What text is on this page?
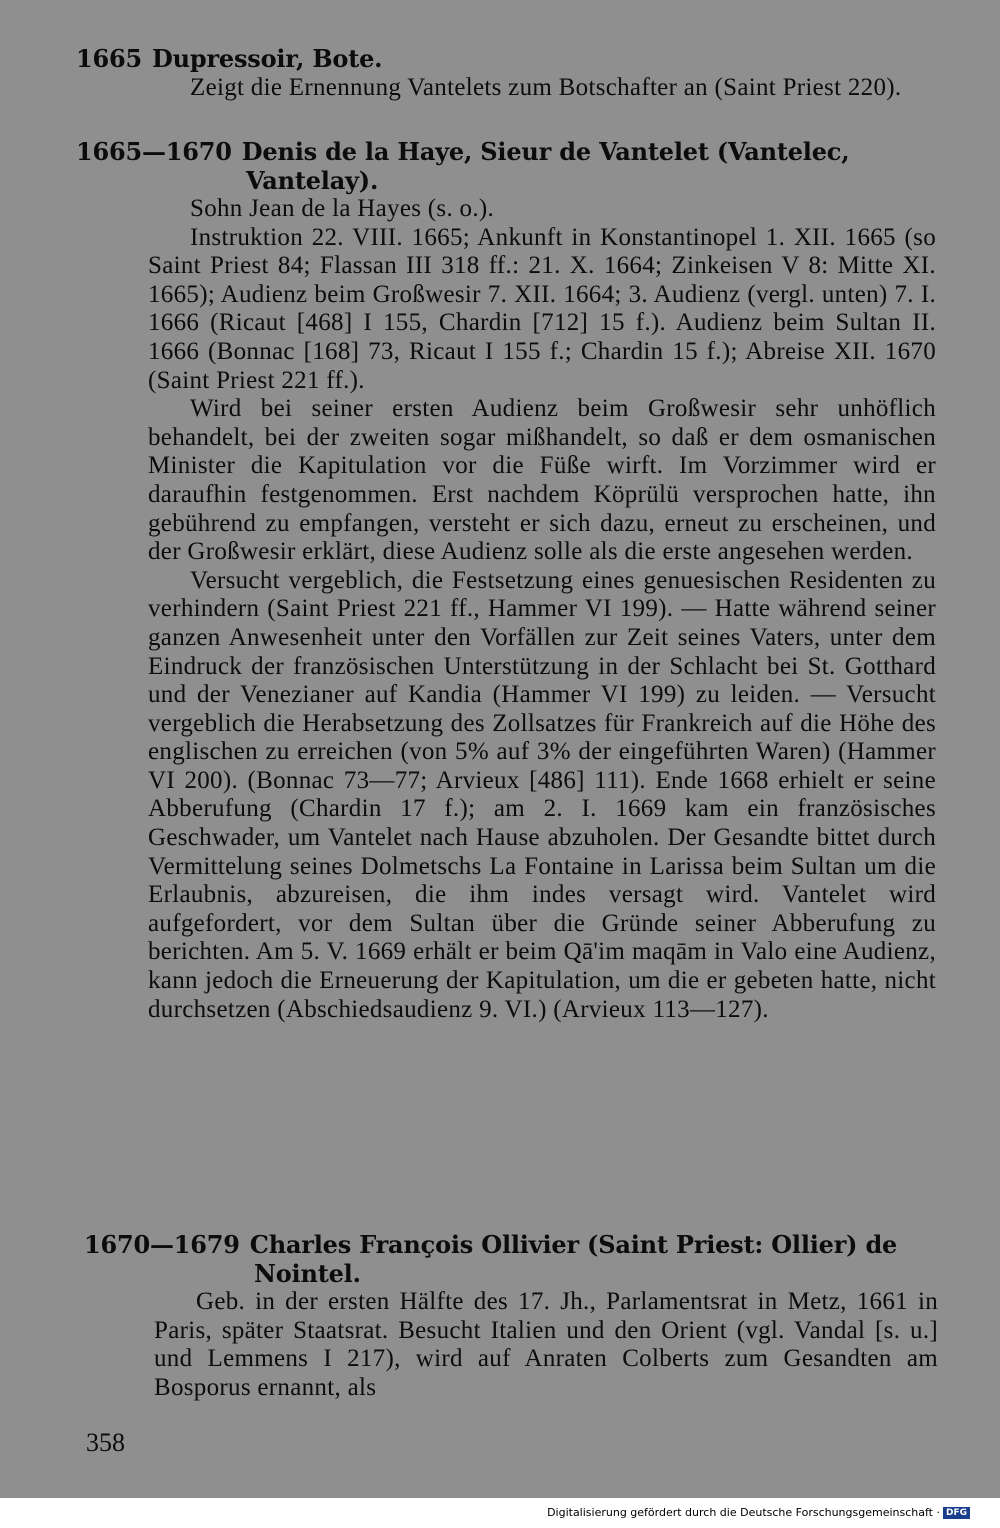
1665 Dupressoir, Bote.

Zeigt die Ernennung Vantelets zum Botschafter an (Saint Priest 220).

1665—1670 Denis de la Haye, Sieur de Vantelet (Vantelec,
Vantelay).

Sohn Jean de la Hayes (s. o.).

Instruktion 22. VIII. 1665; Ankunft in Konstantinopel 1. XII. 1665 (so Saint Priest 84; Flassan III 318 ff.: 21. X. 1664; Zinkeisen V 8: Mitte XI. 1665); Audienz beim Großwesir 7. XII. 1664; 3. Audienz (vergl. unten) 7. I. 1666 (Ricaut [468] I 155, Chardin [712] 15 f.). Audienz beim Sultan II. 1666 (Bonnac [168] 73, Ricaut I 155 f.; Chardin 15 f.); Abreise XII. 1670 (Saint Priest 221 ff.).

Wird bei seiner ersten Audienz beim Großwesir sehr unhöflich behandelt, bei der zweiten sogar mißhandelt, so daß er dem osmanischen Minister die Kapitulation vor die Füße wirft. Im Vorzimmer wird er daraufhin festgenommen. Erst nachdem Köprülü versprochen hatte, ihn gebührend zu empfangen, versteht er sich dazu, erneut zu erscheinen, und der Großwesir erklärt, diese Audienz solle als die erste angesehen werden.

Versucht vergeblich, die Festsetzung eines genuesischen Residenten zu verhindern (Saint Priest 221 ff., Hammer VI 199). — Hatte während seiner ganzen Anwesenheit unter den Vorfällen zur Zeit seines Vaters, unter dem Eindruck der französischen Unterstützung in der Schlacht bei St. Gotthard und der Venezianer auf Kandia (Hammer VI 199) zu leiden. — Versucht vergeblich die Herabsetzung des Zollsatzes für Frankreich auf die Höhe des englischen zu erreichen (von 5% auf 3% der eingeführten Waren) (Hammer VI 200). (Bonnac 73—77; Arvieux [486] 111). Ende 1668 erhielt er seine Abberufung (Chardin 17 f.); am 2. I. 1669 kam ein französisches Geschwader, um Vantelet nach Hause abzuholen. Der Gesandte bittet durch Vermittelung seines Dolmetschs La Fontaine in Larissa beim Sultan um die Erlaubnis, abzureisen, die ihm indes versagt wird. Vantelet wird aufgefordert, vor dem Sultan über die Gründe seiner Abberufung zu berichten. Am 5. V. 1669 erhält er beim Qā'im maqām in Valo eine Audienz, kann jedoch die Erneuerung der Kapitulation, um die er gebeten hatte, nicht durchsetzen (Abschiedsaudienz 9. VI.) (Arvieux 113—127).

1670—1679 Charles François Ollivier (Saint Priest: Ollier) de
Nointel.

Geb. in der ersten Hälfte des 17. Jh., Parlamentsrat in Metz, 1661 in Paris, später Staatsrat. Besucht Italien und den Orient (vgl. Vandal [s. u.] und Lemmens I 217), wird auf Anraten Colberts zum Gesandten am Bosporus ernannt, als

358
Digitalisierung gefördert durch die Deutsche Forschungsgemeinschaft · DFG
